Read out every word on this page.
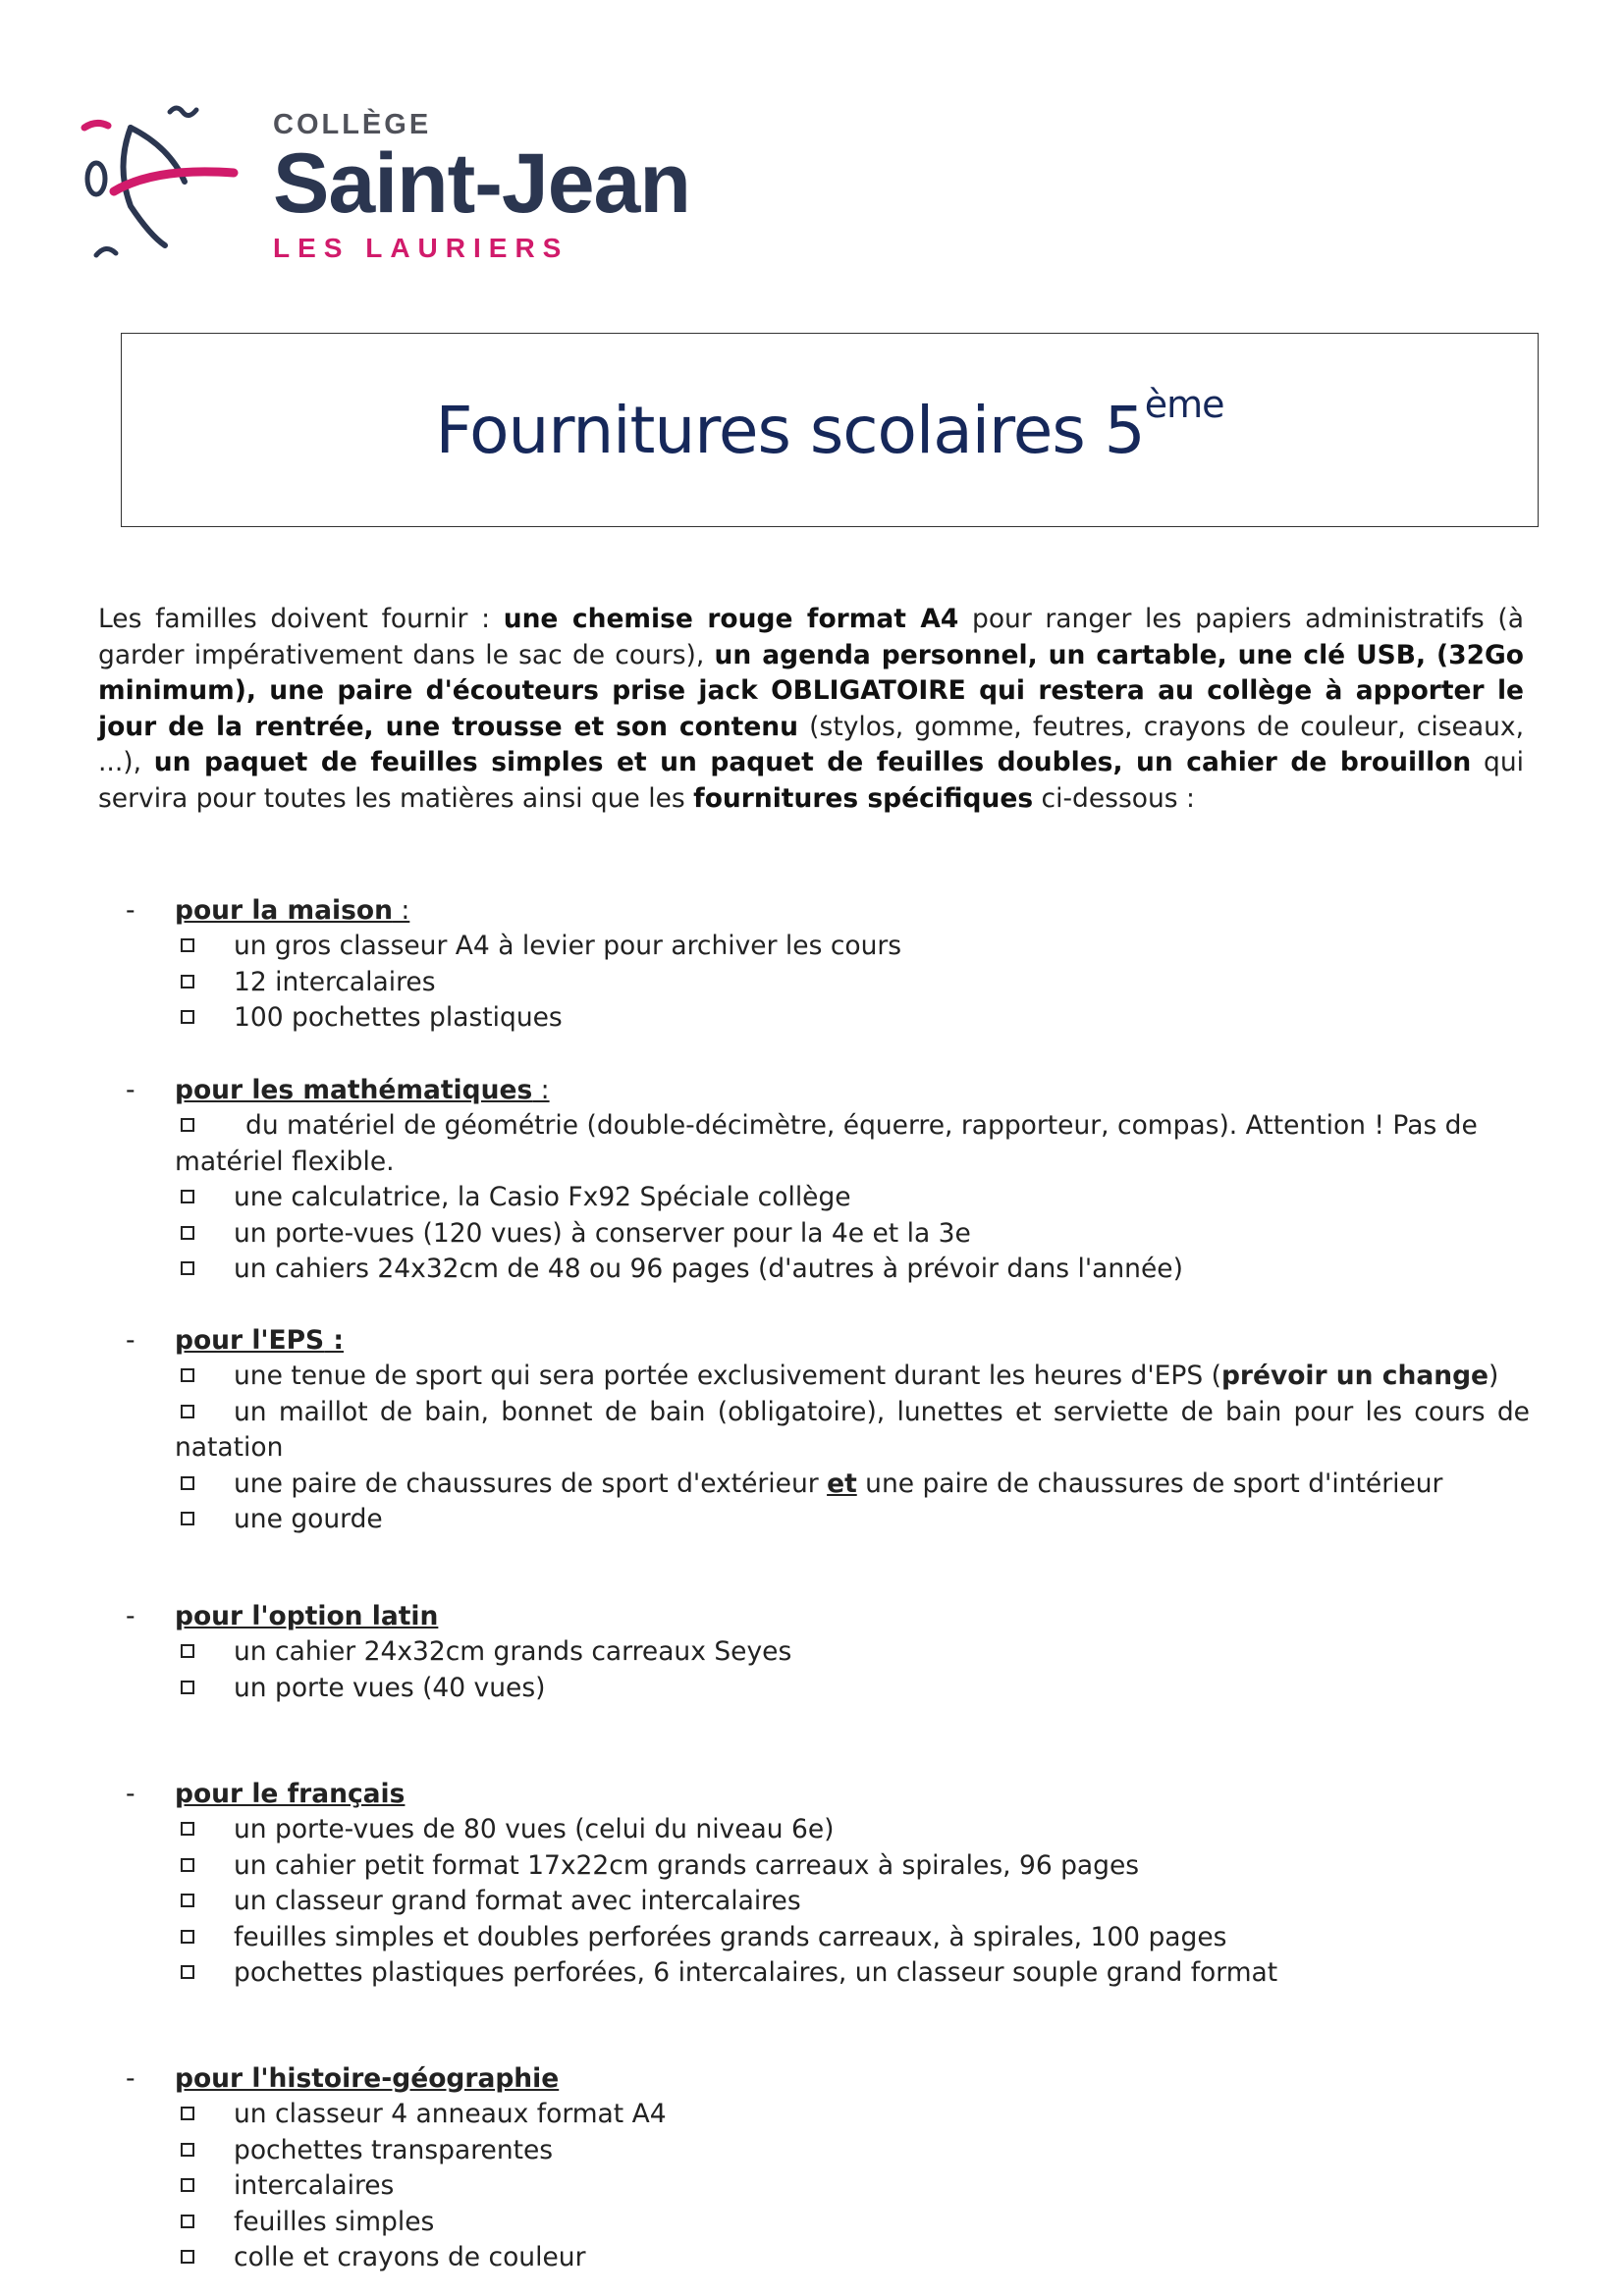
COLLÈGE
Saint-Jean
LES LAURIERS
Fournitures scolaires 5ème
Les familles doivent fournir : une chemise rouge format A4 pour ranger les papiers administratifs (à garder impérativement dans le sac de cours), un agenda personnel, un cartable, une clé USB, (32Go minimum), une paire d'écouteurs prise jack OBLIGATOIRE qui restera au collège à apporter le jour de la rentrée, une trousse et son contenu (stylos, gomme, feutres, crayons de couleur, ciseaux, ...), un paquet de feuilles simples et un paquet de feuilles doubles, un cahier de brouillon qui servira pour toutes les matières ainsi que les fournitures spécifiques ci-dessous :
- pour la maison :
un gros classeur A4 à levier pour archiver les cours
12 intercalaires
100 pochettes plastiques
- pour les mathématiques :
du matériel de géométrie (double-décimètre, équerre, rapporteur, compas). Attention ! Pas de matériel flexible.
une calculatrice, la Casio Fx92 Spéciale collège
un porte-vues (120 vues) à conserver pour la 4e et la 3e
un cahiers 24x32cm de 48 ou 96 pages (d'autres à prévoir dans l'année)
- pour l'EPS :
une tenue de sport qui sera portée exclusivement durant les heures d'EPS (prévoir un change)
un maillot de bain, bonnet de bain (obligatoire), lunettes et serviette de bain pour les cours de natation
une paire de chaussures de sport d'extérieur et une paire de chaussures de sport d'intérieur
une gourde
- pour l'option latin
un cahier 24x32cm grands carreaux Seyes
un porte vues (40 vues)
- pour le français
un porte-vues de 80 vues (celui du niveau 6e)
un cahier petit format 17x22cm grands carreaux à spirales, 96 pages
un classeur grand format avec intercalaires
feuilles simples et doubles perforées grands carreaux, à spirales, 100 pages
pochettes plastiques perforées, 6 intercalaires, un classeur souple grand format
- pour l'histoire-géographie
un classeur 4 anneaux format A4
pochettes transparentes
intercalaires
feuilles simples
colle et crayons de couleur
